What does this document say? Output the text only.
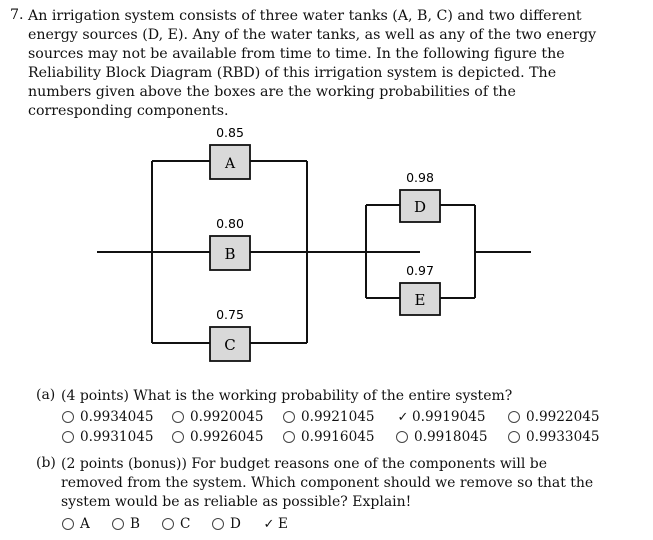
7. An irrigation system consists of three water tanks (A, B, C) and two different energy sources (D, E). Any of the water tanks, as well as any of the two energy sources may not be available from time to time. In the following figure the Reliability Block Diagram (RBD) of this irrigation system is depicted. The numbers given above the boxes are the working probabilities of the corresponding components.
A
0.85
B
0.80
C
0.75
D
0.98
E
0.97
(a) (4 points) What is the working probability of the entire system?
0.9934045	0.9920045	0.9921045 ✓ 0.9919045	0.9922045
0.9931045	0.9926045	0.9916045	0.9918045	0.9933045
(b) (2 points (bonus)) For budget reasons one of the components will be removed from the system. Which component should we remove so that the system would be as reliable as possible? Explain!
A	B	C	D ✓ E
